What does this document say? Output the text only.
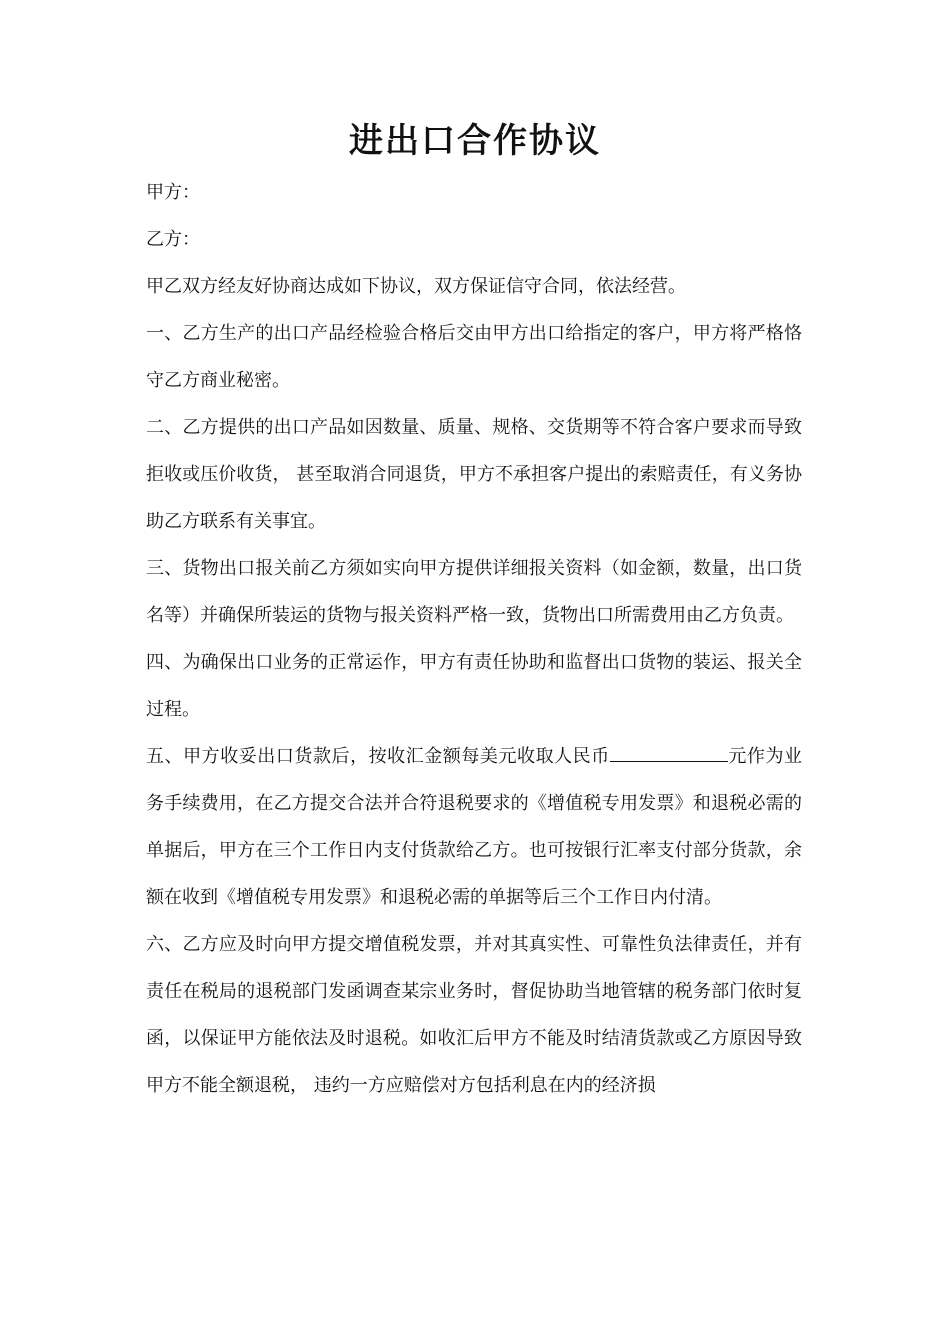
进出口合作协议

甲方：

乙方：

甲乙双方经友好协商达成如下协议，双方保证信守合同，依法经营。

一、乙方生产的出口产品经检验合格后交由甲方出口给指定的客户，甲方将严格恪守乙方商业秘密。

二、乙方提供的出口产品如因数量、质量、规格、交货期等不符合客户要求而导致拒收或压价收货， 甚至取消合同退货，甲方不承担客户提出的索赔责任，有义务协助乙方联系有关事宜。

三、货物出口报关前乙方须如实向甲方提供详细报关资料（如金额，数量，出口货名等）并确保所装运的货物与报关资料严格一致，货物出口所需费用由乙方负责。

四、为确保出口业务的正常运作，甲方有责任协助和监督出口货物的装运、报关全过程。

五、甲方收妥出口货款后，按收汇金额每美元收取人民币	元作为业务手续费用，在乙方提交合法并合符退税要求的《增值税专用发票》和退税必需的单据后，甲方在三个工作日内支付货款给乙方。也可按银行汇率支付部分货款，余额在收到《增值税专用发票》和退税必需的单据等后三个工作日内付清。

六、乙方应及时向甲方提交增值税发票，并对其真实性、可靠性负法律责任，并有责任在税局的退税部门发函调查某宗业务时，督促协助当地管辖的税务部门依时复函，以保证甲方能依法及时退税。如收汇后甲方不能及时结清货款或乙方原因导致甲方不能全额退税， 违约一方应赔偿对方包括利息在内的经济损
